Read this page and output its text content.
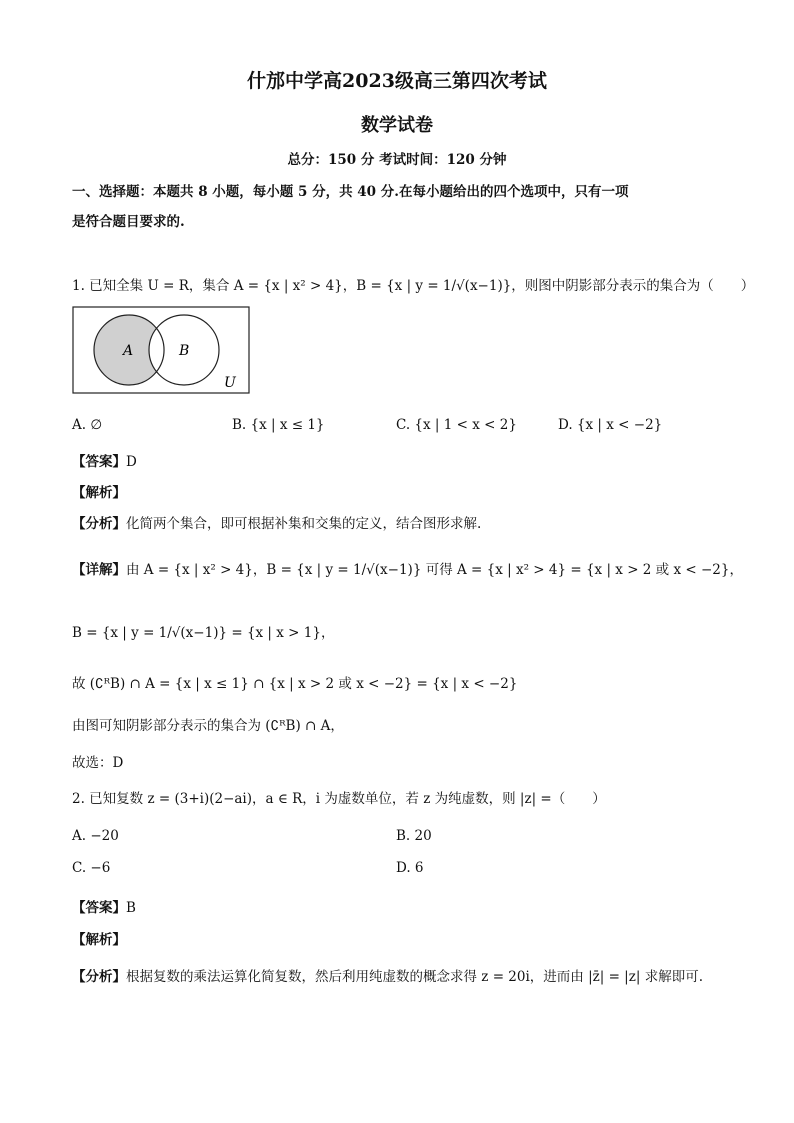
什邡中学高2023级高三第四次考试
数学试卷
总分：150 分 考试时间：120 分钟
一、选择题：本题共 8 小题，每小题 5 分，共 40 分.在每小题给出的四个选项中，只有一项
是符合题目要求的.
1. 已知全集 U = R，集合 A = {x | x² > 4}，B = {x | y = 1/√(x−1)}，则图中阴影部分表示的集合为（　　）
A	B
U
A. ∅	B. {x | x ≤ 1}	C. {x | 1 < x < 2}	D. {x | x < −2}
【答案】D
【解析】
【分析】化简两个集合，即可根据补集和交集的定义，结合图形求解.
【详解】由 A = {x | x² > 4}，B = {x | y = 1/√(x−1)} 可得 A = {x | x² > 4} = {x | x > 2 或 x < −2}，
B = {x | y = 1/√(x−1)} = {x | x > 1}，
故 (∁ᴿB) ∩ A = {x | x ≤ 1} ∩ {x | x > 2 或 x < −2} = {x | x < −2}
由图可知阴影部分表示的集合为 (∁ᴿB) ∩ A，
故选：D
2. 已知复数 z = (3+i)(2−ai)，a ∈ R，i 为虚数单位，若 z 为纯虚数，则 |z| =（　　）
A. −20	B. 20
C. −6	D. 6
【答案】B
【解析】
【分析】根据复数的乘法运算化简复数，然后利用纯虚数的概念求得 z = 20i，进而由 |z̄| = |z| 求解即可.
